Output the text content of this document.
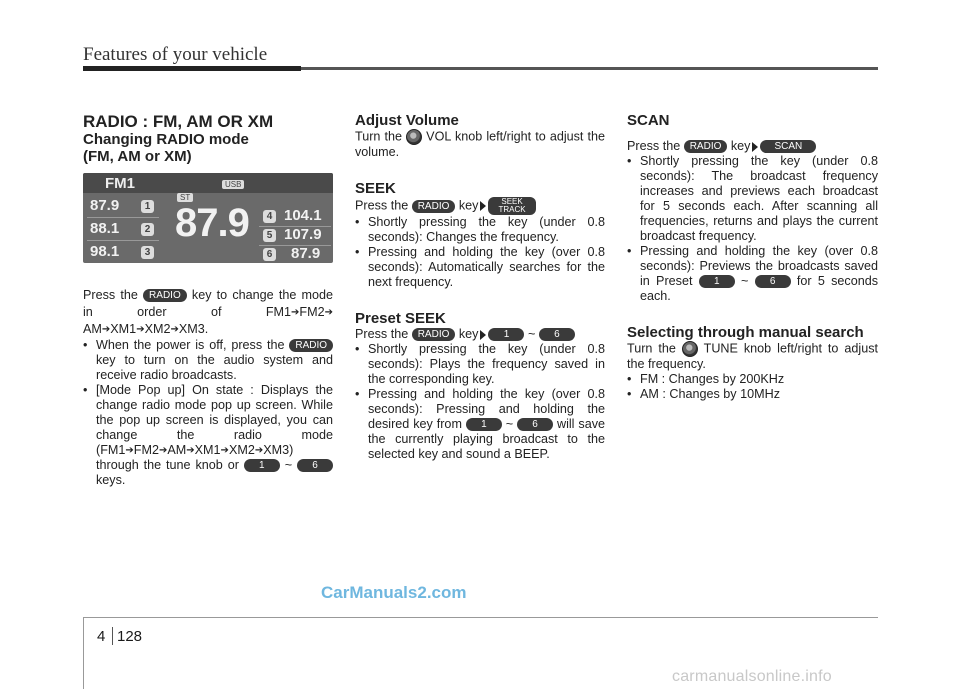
Features of your vehicle

RADIO : FM, AM OR XM

Changing RADIO mode

(FM, AM or XM)

FM1	USB
ST
87.9
87.9	1
88.1	2
98.1	3
4 104.1
5 107.9
6 87.9

Press the RADIO key to change the mode in order of FM1➔FM2➔ AM➔XM1➔XM2➔XM3.

• When the power is off, press the RADIO key to turn on the audio system and receive radio broadcasts.

• [Mode Pop up] On state : Displays the change radio mode pop up screen. While the pop up screen is displayed, you can change the radio mode (FM1➔FM2➔AM➔XM1➔XM2➔XM3) through the tune knob or 1 ~ 6 keys.

Adjust Volume

Turn the VOL knob left/right to adjust the volume.

SEEK

Press the RADIO key	SEEK
TRACK

• Shortly pressing the key (under 0.8 seconds): Changes the frequency.

• Pressing and holding the key (over 0.8 seconds): Automatically searches for the next frequency.

Preset SEEK

Press the RADIO key	1 ~ 6

• Shortly pressing the key (under 0.8 seconds): Plays the frequency saved in the corresponding key.

• Pressing and holding the key (over 0.8 seconds): Pressing and holding the desired key from 1 ~ 6 will save the currently playing broadcast to the selected key and sound a BEEP.

SCAN

Press the RADIO key SCAN

• Shortly pressing the key (under 0.8 seconds): The broadcast frequency increases and previews each broadcast for 5 seconds each. After scanning all frequencies, returns and plays the current broadcast frequency.

• Pressing and holding the key (over 0.8 seconds): Previews the broadcasts saved in Preset 1 ~ 6 for 5 seconds each.

Selecting through manual search

Turn the TUNE knob left/right to adjust the frequency.

• FM : Changes by 200KHz

• AM : Changes by 10MHz

CarManuals2.com
4 128
carmanualsonline.info
